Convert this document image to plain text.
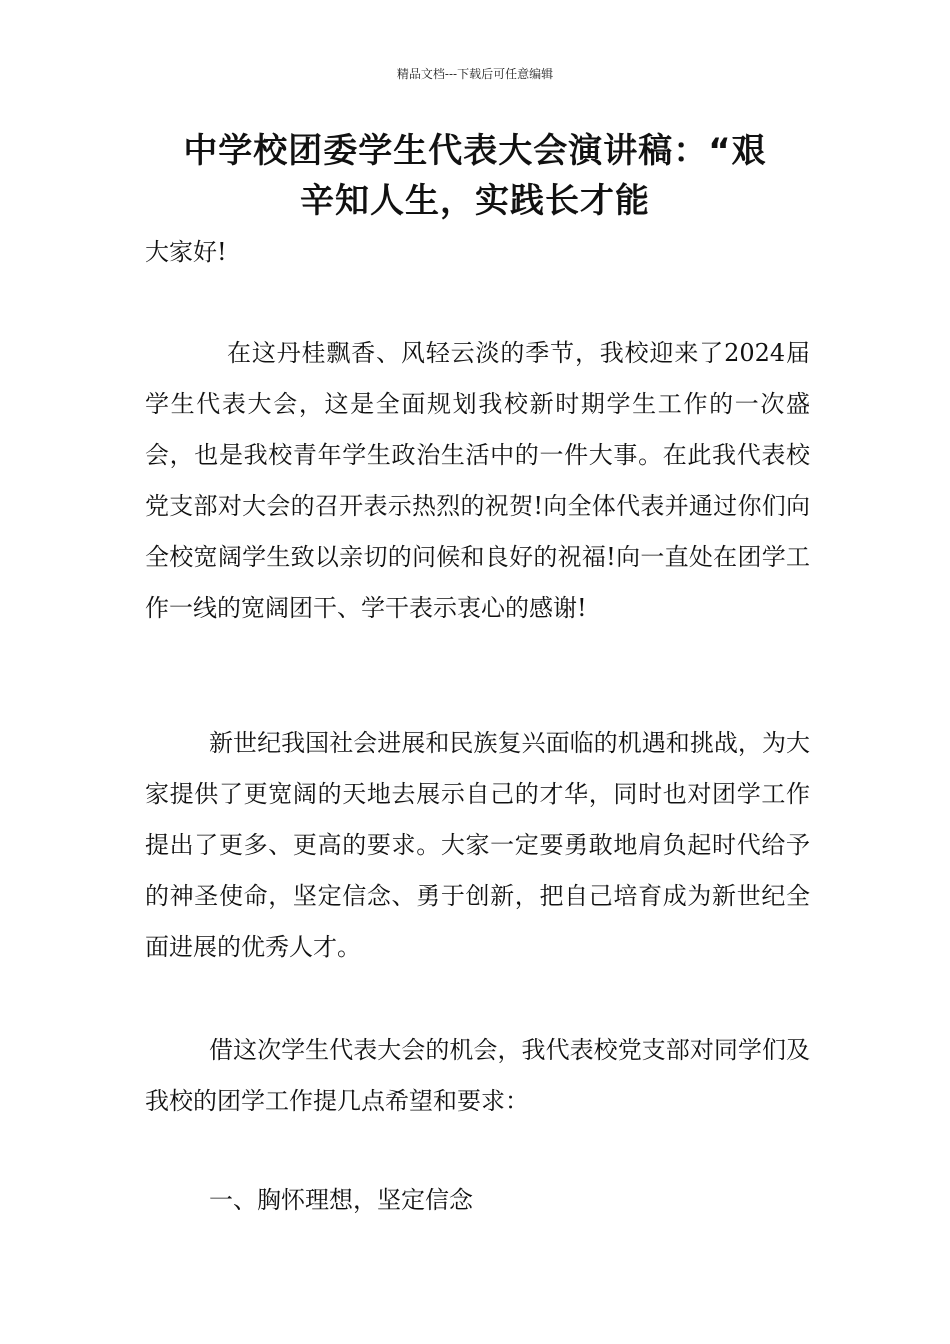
精品文档---下载后可任意编辑
中学校团委学生代表大会演讲稿：“艰
辛知人生，实践长才能

大家好!

在这丹桂飘香、风轻云淡的季节，我校迎来了2024届学生代表大会，这是全面规划我校新时期学生工作的一次盛会，也是我校青年学生政治生活中的一件大事。在此我代表校党支部对大会的召开表示热烈的祝贺!向全体代表并通过你们向全校宽阔学生致以亲切的问候和良好的祝福!向一直处在团学工作一线的宽阔团干、学干表示衷心的感谢!

新世纪我国社会进展和民族复兴面临的机遇和挑战，为大家提供了更宽阔的天地去展示自己的才华，同时也对团学工作提出了更多、更高的要求。大家一定要勇敢地肩负起时代给予的神圣使命，坚定信念、勇于创新，把自己培育成为新世纪全面进展的优秀人才。

借这次学生代表大会的机会，我代表校党支部对同学们及我校的团学工作提几点希望和要求：

一、胸怀理想，坚定信念
